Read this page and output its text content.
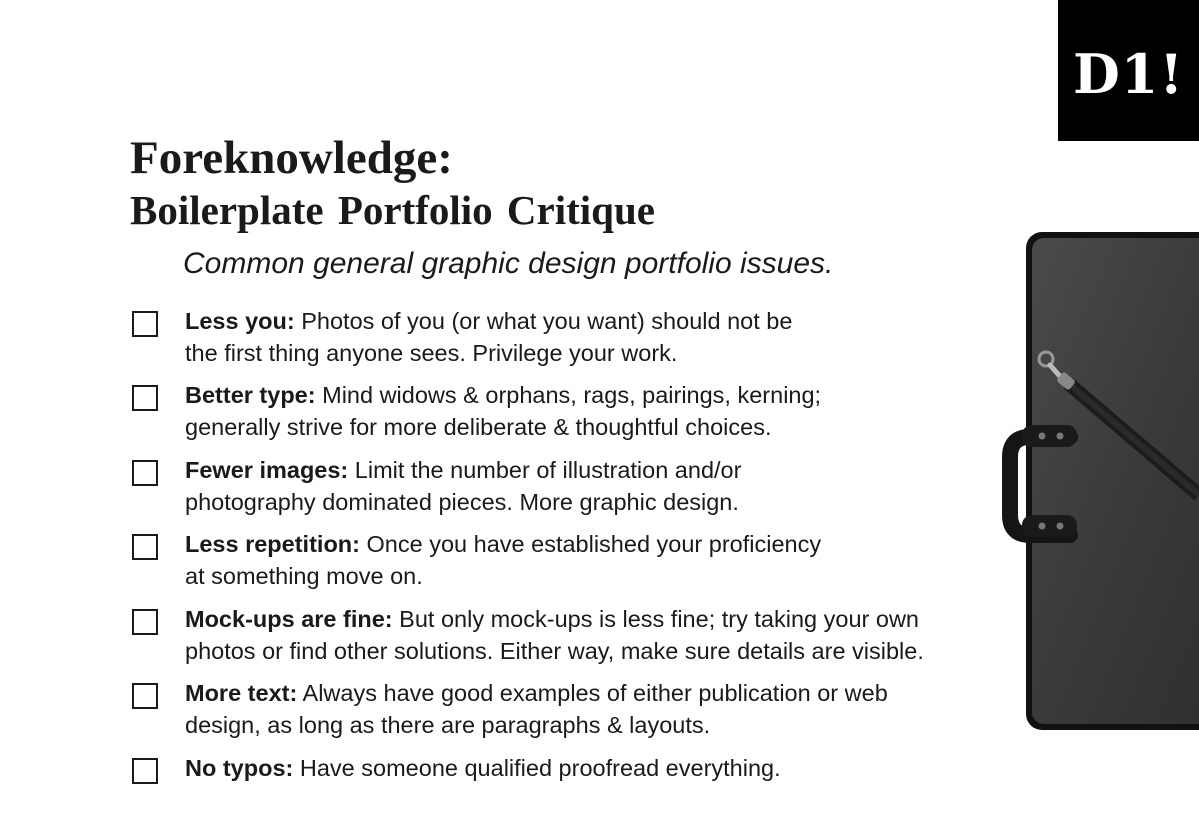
D1!
Foreknowledge:
Boilerplate Portfolio Critique
Common general graphic design portfolio issues.
Less you: Photos of you (or what you want) should not be
the first thing anyone sees. Privilege your work.
Better type: Mind widows & orphans, rags, pairings, kerning;
generally strive for more deliberate & thoughtful choices.
Fewer images: Limit the number of illustration and/or
photography dominated pieces. More graphic design.
Less repetition: Once you have established your proficiency
at something move on.
Mock-ups are fine: But only mock-ups is less fine; try taking your own
photos or find other solutions. Either way, make sure details are visible.
More text: Always have good examples of either publication or web
design, as long as there are paragraphs & layouts.
No typos: Have someone qualified proofread everything.
